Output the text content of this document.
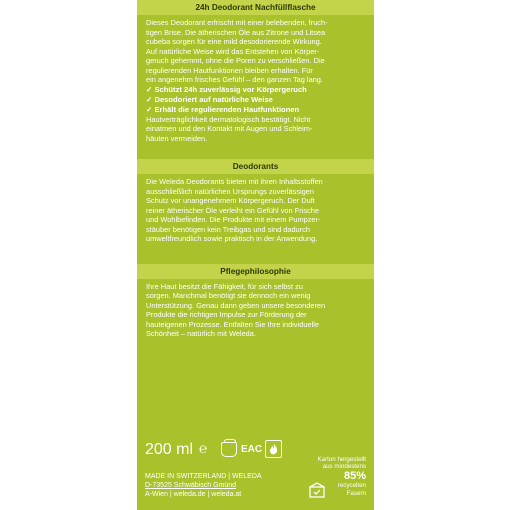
24h Deodorant Nachfüllflasche
Dieses Deodorant erfrischt mit einer belebenden, fruch-
tigen Brise. Die ätherischen Öle aus Zitrone und Litsea
cubeba sorgen für eine mild desodorierende Wirkung.
Auf natürliche Weise wird das Entstehen von Körper-
geruch gehemmt, ohne die Poren zu verschließen. Die
regulierenden Hautfunktionen bleiben erhalten. Für
ein angenehm frisches Gefühl – den ganzen Tag lang.
✓ Schützt 24h zuverlässig vor Körpergeruch
✓ Desodoriert auf natürliche Weise
✓ Erhält die regulierenden Hautfunktionen
Hautverträglichkeit dermatologisch bestätigt. Nicht
einatmen und den Kontakt mit Augen und Schleim-
häuten vermeiden.
Deodorants
Die Weleda Deodorants bieten mit ihren Inhaltsstoffen
ausschließlich natürlichen Ursprungs zuverlässigen
Schutz vor unangenehmem Körpergeruch. Der Duft
reiner ätherischer Öle verleiht ein Gefühl von Frische
und Wohlbefinden. Die Produkte mit einem Pumpzer-
stäuber benötigen kein Treibgas und sind dadurch
umweltfreundlich sowie praktisch in der Anwendung.
Pflegephilosophie
Ihre Haut besitzt die Fähigkeit, für sich selbst zu
sorgen. Manchmal benötigt sie dennoch ein wenig
Unterstützung. Genau dann geben unsere besonderen
Produkte die richtigen Impulse zur Förderung der
hauteigenen Prozesse. Entfalten Sie Ihre individuelle
Schönheit – natürlich mit Weleda.
200 ml ℮	EAC
MADE IN SWITZERLAND | WELEDA
D-73525 Schwäbisch Gmünd
A-Wien | weleda.de | weleda.at
Karton hergestellt
aus mindestens
85%
recycelten
Fasern
